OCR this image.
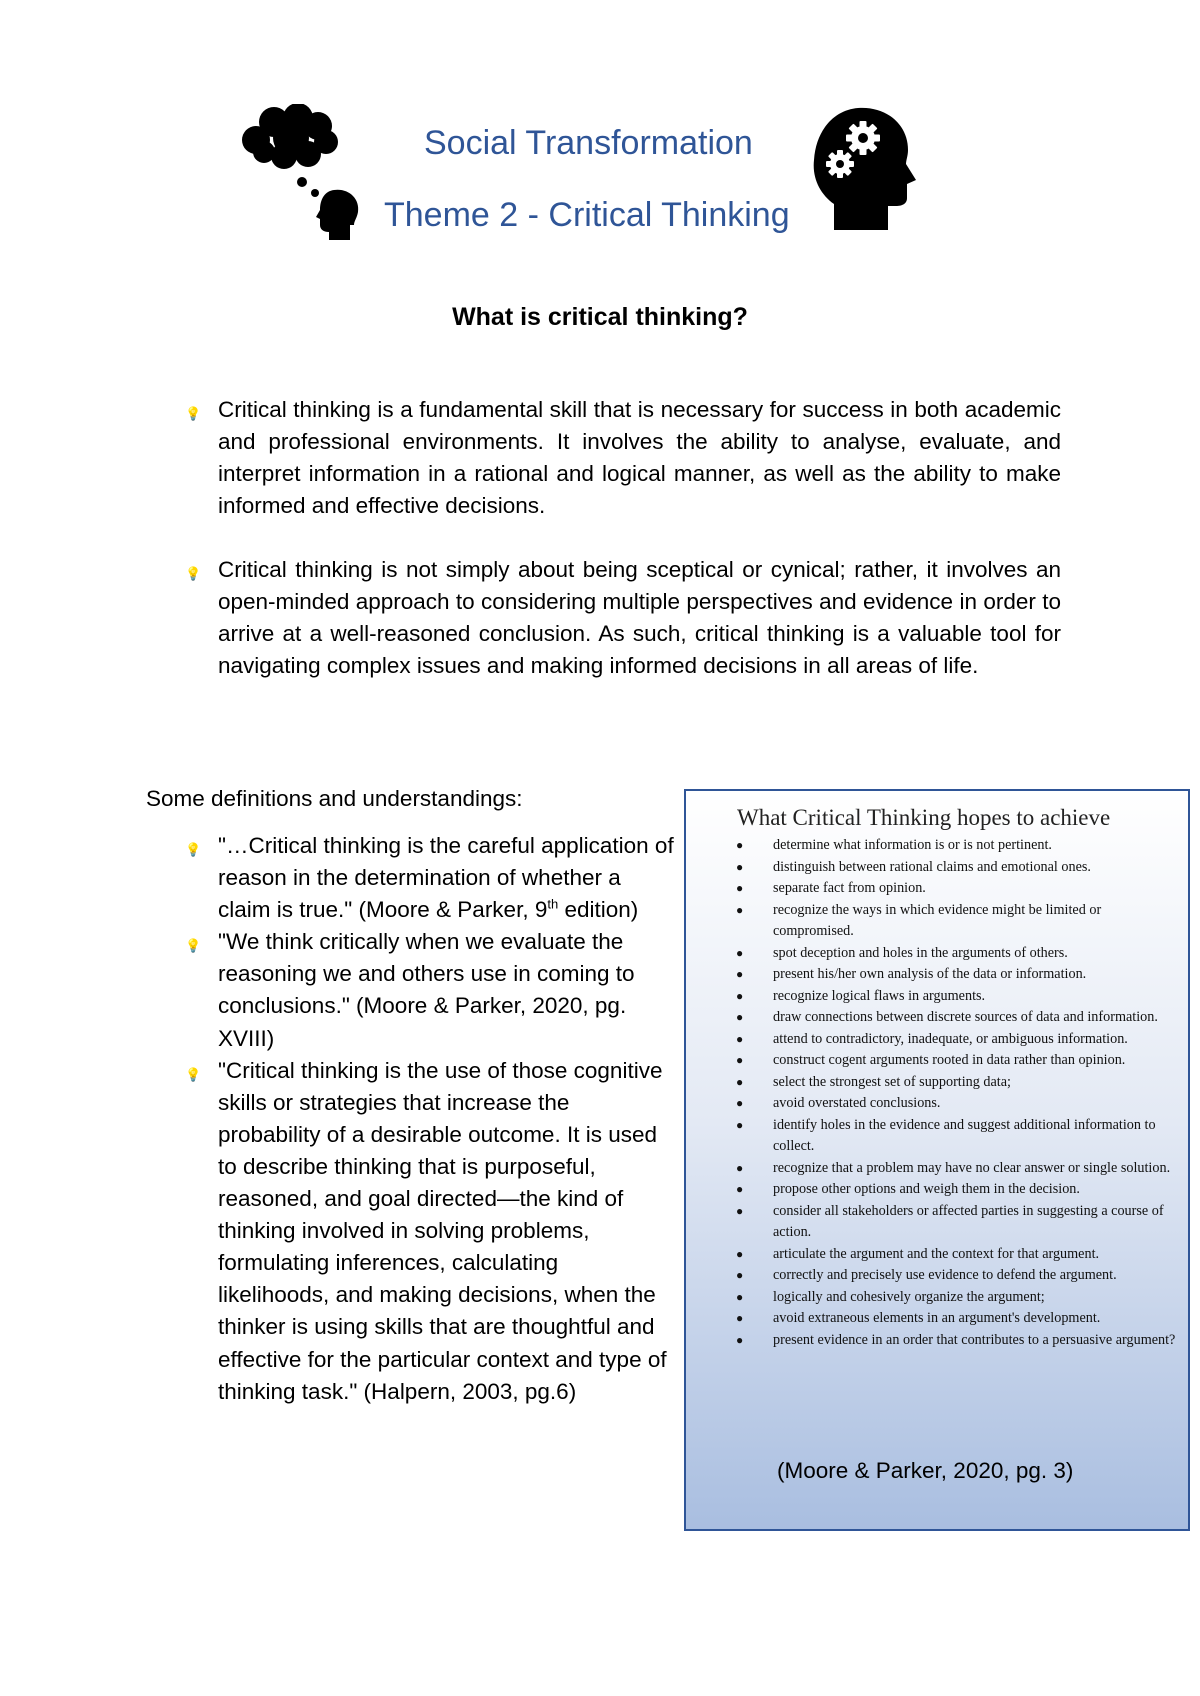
Social Transformation
Theme 2 - Critical Thinking
What is critical thinking?
💡 Critical thinking is a fundamental skill that is necessary for success in both academic and professional environments. It involves the ability to analyse, evaluate, and interpret information in a rational and logical manner, as well as the ability to make informed and effective decisions.
💡 Critical thinking is not simply about being sceptical or cynical; rather, it involves an open-minded approach to considering multiple perspectives and evidence in order to arrive at a well-reasoned conclusion. As such, critical thinking is a valuable tool for navigating complex issues and making informed decisions in all areas of life.
Some definitions and understandings:
💡 "…Critical thinking is the careful application of reason in the determination of whether a claim is true." (Moore & Parker, 9th edition)
💡 "We think critically when we evaluate the reasoning we and others use in coming to conclusions." (Moore & Parker, 2020, pg. XVIII)
💡 "Critical thinking is the use of those cognitive skills or strategies that increase the probability of a desirable outcome. It is used to describe thinking that is purposeful, reasoned, and goal directed—the kind of thinking involved in solving problems, formulating inferences, calculating likelihoods, and making decisions, when the thinker is using skills that are thoughtful and effective for the particular context and type of thinking task." (Halpern, 2003, pg.6)
What Critical Thinking hopes to achieve
● determine what information is or is not pertinent.
● distinguish between rational claims and emotional ones.
● separate fact from opinion.
● recognize the ways in which evidence might be limited or compromised.
● spot deception and holes in the arguments of others.
● present his/her own analysis of the data or information.
● recognize logical flaws in arguments.
● draw connections between discrete sources of data and information.
● attend to contradictory, inadequate, or ambiguous information.
● construct cogent arguments rooted in data rather than opinion.
● select the strongest set of supporting data;
● avoid overstated conclusions.
● identify holes in the evidence and suggest additional information to collect.
● recognize that a problem may have no clear answer or single solution.
● propose other options and weigh them in the decision.
● consider all stakeholders or affected parties in suggesting a course of action.
● articulate the argument and the context for that argument.
● correctly and precisely use evidence to defend the argument.
● logically and cohesively organize the argument;
● avoid extraneous elements in an argument's development.
● present evidence in an order that contributes to a persuasive argument?
(Moore & Parker, 2020, pg. 3)
